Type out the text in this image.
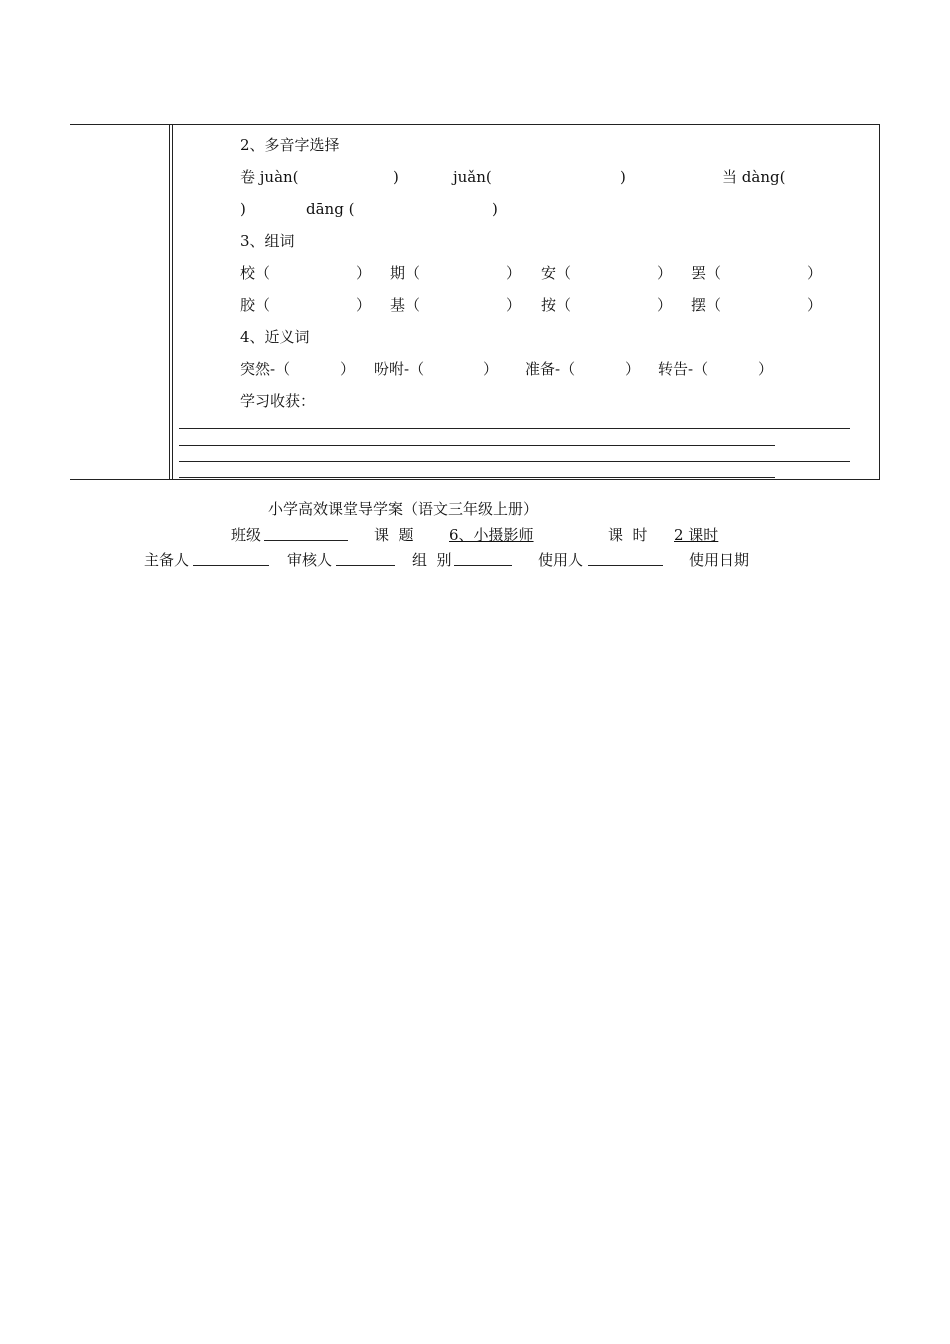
2、多音字选择
卷 juàn(	)	juǎn(	)	当 dàng(
)	dāng (	)
3、组词
校（	） 期（	） 安（	） 罢（	）
胶（	） 基（	） 按（	） 摆（	）
4、近义词
突然-（	） 吩咐-（	） 准备-（	） 转告-（	）
学习收获：
小学高效课堂导学案（语文三年级上册）
班级	课  题 6、小摄影师	课  时	2 课时
主备人	审核人	组  别	使用人	使用日期
